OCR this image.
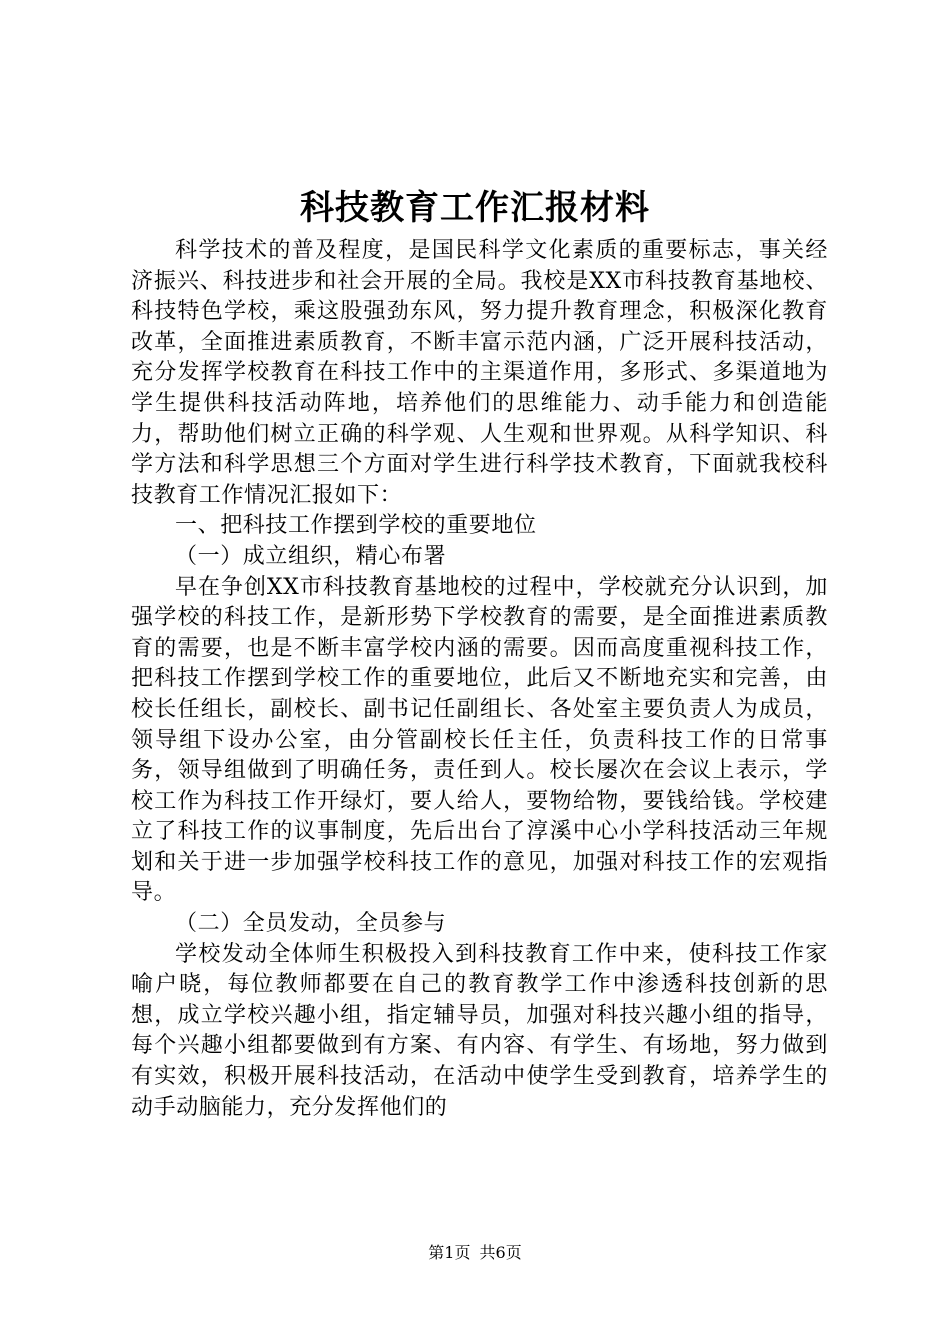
科技教育工作汇报材料

科学技术的普及程度，是国民科学文化素质的重要标志，事关经济振兴、科技进步和社会开展的全局。我校是XX市科技教育基地校、科技特色学校，乘这股强劲东风，努力提升教育理念，积极深化教育改革，全面推进素质教育，不断丰富示范内涵，广泛开展科技活动，充分发挥学校教育在科技工作中的主渠道作用，多形式、多渠道地为学生提供科技活动阵地，培养他们的思维能力、动手能力和创造能力，帮助他们树立正确的科学观、人生观和世界观。从科学知识、科学方法和科学思想三个方面对学生进行科学技术教育，下面就我校科技教育工作情况汇报如下：

一、把科技工作摆到学校的重要地位

（一）成立组织，精心布署

早在争创XX市科技教育基地校的过程中，学校就充分认识到，加强学校的科技工作，是新形势下学校教育的需要，是全面推进素质教育的需要，也是不断丰富学校内涵的需要。因而高度重视科技工作，把科技工作摆到学校工作的重要地位，此后又不断地充实和完善，由校长任组长，副校长、副书记任副组长、各处室主要负责人为成员，领导组下设办公室，由分管副校长任主任，负责科技工作的日常事务，领导组做到了明确任务，责任到人。校长屡次在会议上表示，学校工作为科技工作开绿灯，要人给人，要物给物，要钱给钱。学校建立了科技工作的议事制度，先后出台了淳溪中心小学科技活动三年规划和关于进一步加强学校科技工作的意见，加强对科技工作的宏观指导。

（二）全员发动，全员参与

学校发动全体师生积极投入到科技教育工作中来，使科技工作家喻户晓，每位教师都要在自己的教育教学工作中渗透科技创新的思想，成立学校兴趣小组，指定辅导员，加强对科技兴趣小组的指导，每个兴趣小组都要做到有方案、有内容、有学生、有场地，努力做到有实效，积极开展科技活动，在活动中使学生受到教育，培养学生的动手动脑能力，充分发挥他们的

第1页 共6页
